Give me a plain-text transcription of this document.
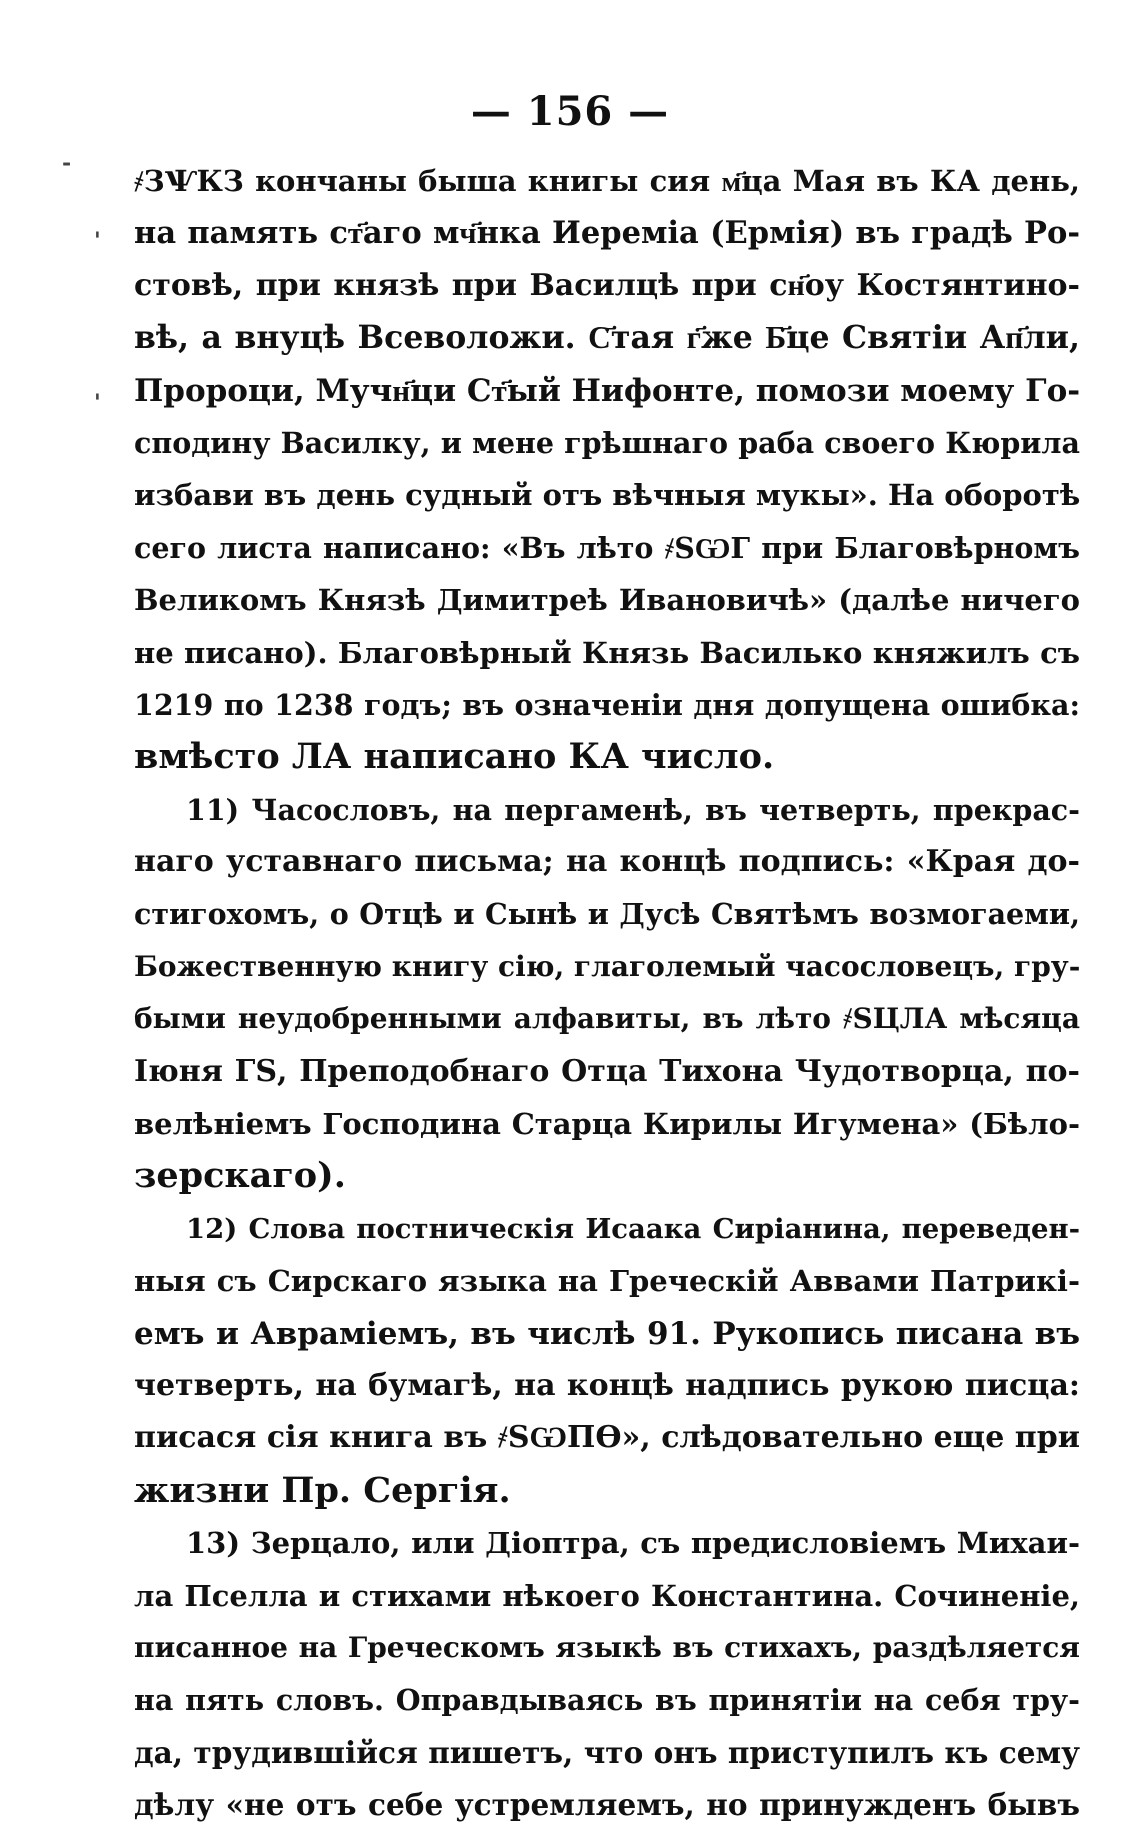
— 156 —
-
'
'
҂ЗѰКЗ кончаны быша книгы сия м҃ца Мая въ КА день,
на память ст҃аго мч҃нка Иеремiа (Ермiя) въ градѣ Ро-
стовѣ, при князѣ при Василцѣ при сн҃оу Костянтино-
вѣ, а внуцѣ Всеволожи. С҃тая г҃же Б҃це Святiи Ап҃ли,
Пророци, Мучн҃ци Ст҃ый Нифонте, помози моему Го-
сподину Василку, и мене грѣшнаго раба своего Кюрила
избави въ день судный отъ вѣчныя мукы». На оборотѣ
сего листа написано: «Въ лѣто ҂ЅѠГ при Благовѣрномъ
Великомъ Князѣ Димитреѣ Ивановичѣ» (далѣе ничего
не писано). Благовѣрный Князь Василько княжилъ съ
1219 по 1238 годъ; въ означенiи дня допущена ошибка:
вмѣсто ЛА написано КА число.
11) Часословъ, на пергаменѣ, въ четверть, прекрас-
наго уставнаго письма; на концѣ подпись: «Края до-
стигохомъ, о Отцѣ и Сынѣ и Дусѣ Святѣмъ возмогаеми,
Божественную книгу сiю, глаголемый часословецъ, гру-
быми неудобренными алфавиты, въ лѣто ҂ЅЦЛА мѣсяца
Iюня ГЅ, Преподобнаго Отца Тихона Чудотворца, по-
велѣнiемъ Господина Старца Кирилы Игумена» (Бѣло-
зерскаго).
12) Слова постническiя Исаака Сирiанина, переведен-
ныя съ Сирскаго языка на Греческiй Аввами Патрикi-
емъ и Аврамiемъ, въ числѣ 91. Рукопись писана въ
четверть, на бумагѣ, на концѣ надпись рукою писца:
писася сiя книга въ ҂ЅѠПѲ», слѣдовательно еще при
жизни Пр. Сергiя.
13) Зерцало, или Дiоптра, съ предисловiемъ Михаи-
ла Пселла и стихами нѣкоего Константина. Сочиненiе,
писанное на Греческомъ языкѣ въ стихахъ, раздѣляется
на пять словъ. Оправдываясь въ принятiи на себя тру-
да, трудившiйся пишетъ, что онъ приступилъ къ сему
дѣлу «не отъ себе устремляемъ, но принужденъ бывъ
